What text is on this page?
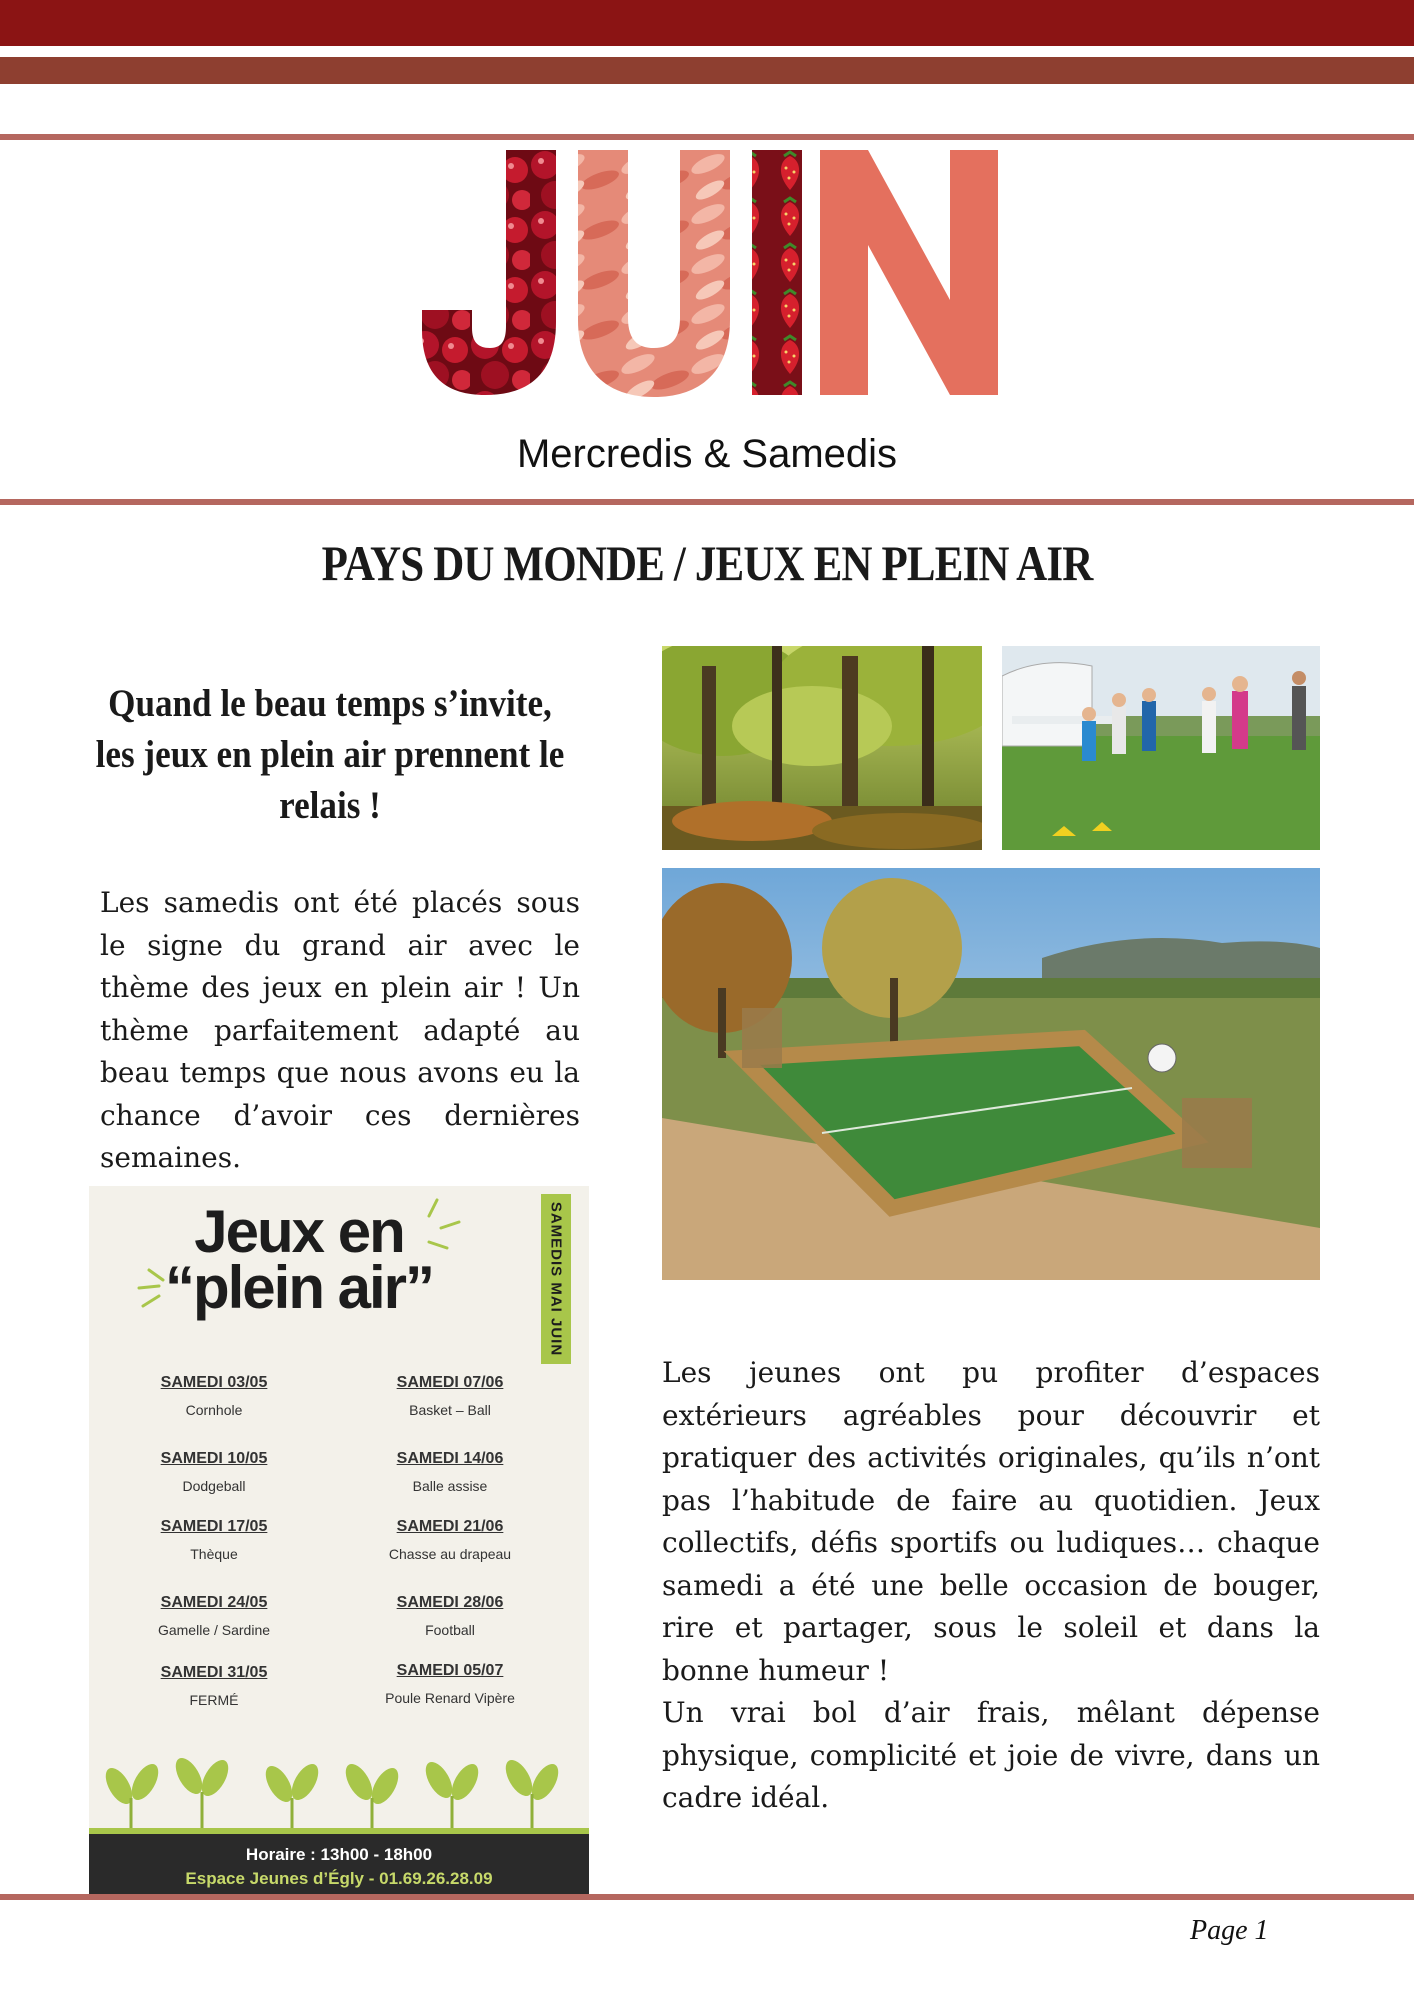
Mercredis & Samedis
PAYS DU MONDE / JEUX EN PLEIN AIR
Quand le beau temps s’invite, les jeux en plein air prennent le relais !
Les samedis ont été placés sous le signe du grand air avec le thème des jeux en plein air ! Un thème parfaitement adapté au beau temps que nous avons eu la chance d’avoir ces dernières semaines.
Jeux en
“plein air”	SAMEDIS MAI JUIN
SAMEDI 03/05
Cornhole
SAMEDI 10/05
Dodgeball
SAMEDI 17/05
Thèque
SAMEDI 24/05
Gamelle / Sardine
SAMEDI 31/05
FERMÉ
SAMEDI 07/06
Basket – Ball
SAMEDI 14/06
Balle assise
SAMEDI 21/06
Chasse au drapeau
SAMEDI 28/06
Football
SAMEDI 05/07
Poule Renard Vipère
Horaire : 13h00 - 18h00
Espace Jeunes d’Égly - 01.69.26.28.09
Les jeunes ont pu profiter d’espaces extérieurs agréables pour découvrir et pratiquer des activités originales, qu’ils n’ont pas l’habitude de faire au quotidien. Jeux collectifs, défis sportifs ou ludiques… chaque samedi a été une belle occasion de bouger, rire et partager, sous le soleil et dans la bonne humeur !
Un vrai bol d’air frais, mêlant dépense physique, complicité et joie de vivre, dans un cadre idéal.
Page 1
